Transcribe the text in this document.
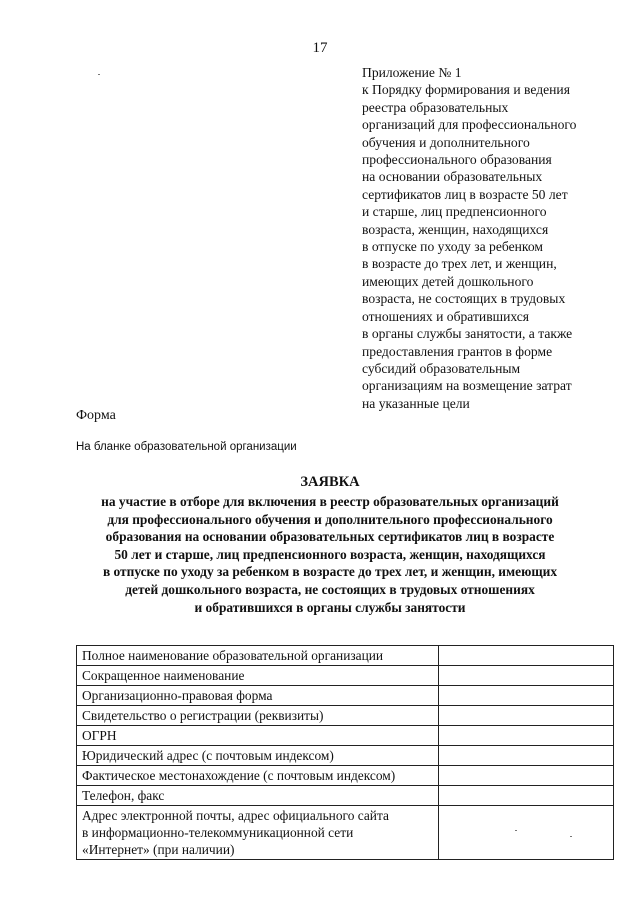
17
Приложение № 1
к Порядку формирования и ведения
реестра образовательных
организаций для профессионального
обучения и дополнительного
профессионального образования
на основании образовательных
сертификатов лиц в возрасте 50 лет
и старше, лиц предпенсионного
возраста, женщин, находящихся
в отпуске по уходу за ребенком
в возрасте до трех лет, и женщин,
имеющих детей дошкольного
возраста, не состоящих в трудовых
отношениях и обратившихся
в органы службы занятости, а также
предоставления грантов в форме
субсидий образовательным
организациям на возмещение затрат
на указанные цели
Форма
На бланке образовательной организации
ЗАЯВКА
на участие в отборе для включения в реестр образовательных организаций
для профессионального обучения и дополнительного профессионального
образования на основании образовательных сертификатов лиц в возрасте
50 лет и старше, лиц предпенсионного возраста, женщин, находящихся
в отпуске по уходу за ребенком в возрасте до трех лет, и женщин, имеющих
детей дошкольного возраста, не состоящих в трудовых отношениях
и обратившихся в органы службы занятости
Полное наименование образовательной организации	
Сокращенное наименование	
Организационно-правовая форма	
Свидетельство о регистрации (реквизиты)	
ОГРН	
Юридический адрес (с почтовым индексом)	
Фактическое местонахождение (с почтовым индексом)	
Телефон, факс	

Адрес электронной почты, адрес официального сайта
в информационно-телекоммуникационной сети
«Интернет» (при наличии)	
